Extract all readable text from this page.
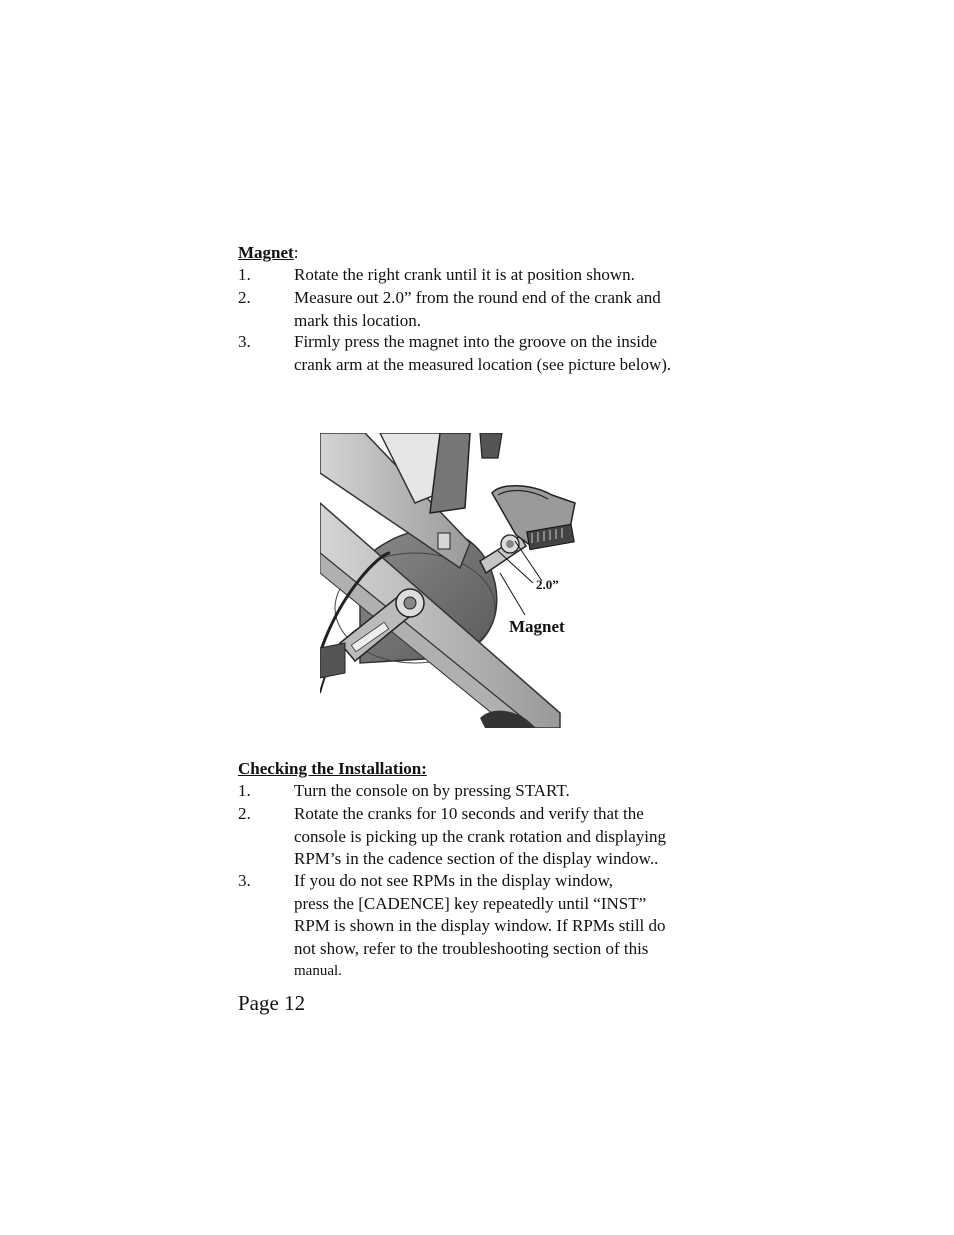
Magnet:
1.	Rotate the right crank until it is at position shown.
2.	Measure out 2.0” from the round end of the crank and
mark this location.
3.	Firmly press the magnet into the groove on the inside
crank arm at the measured location (see picture below).
2.0”
Magnet
Checking the Installation:
1.	Turn the console on by pressing START.
2.	Rotate the cranks for 10 seconds and verify that the
console is picking up the crank rotation and displaying
RPM’s in the cadence section of the display window..
3.	If you do not see RPMs in the display window,
press the [CADENCE] key repeatedly until “INST”
RPM is shown in the display window. If RPMs still do
not show, refer to the troubleshooting section of this
manual.
Page 12
